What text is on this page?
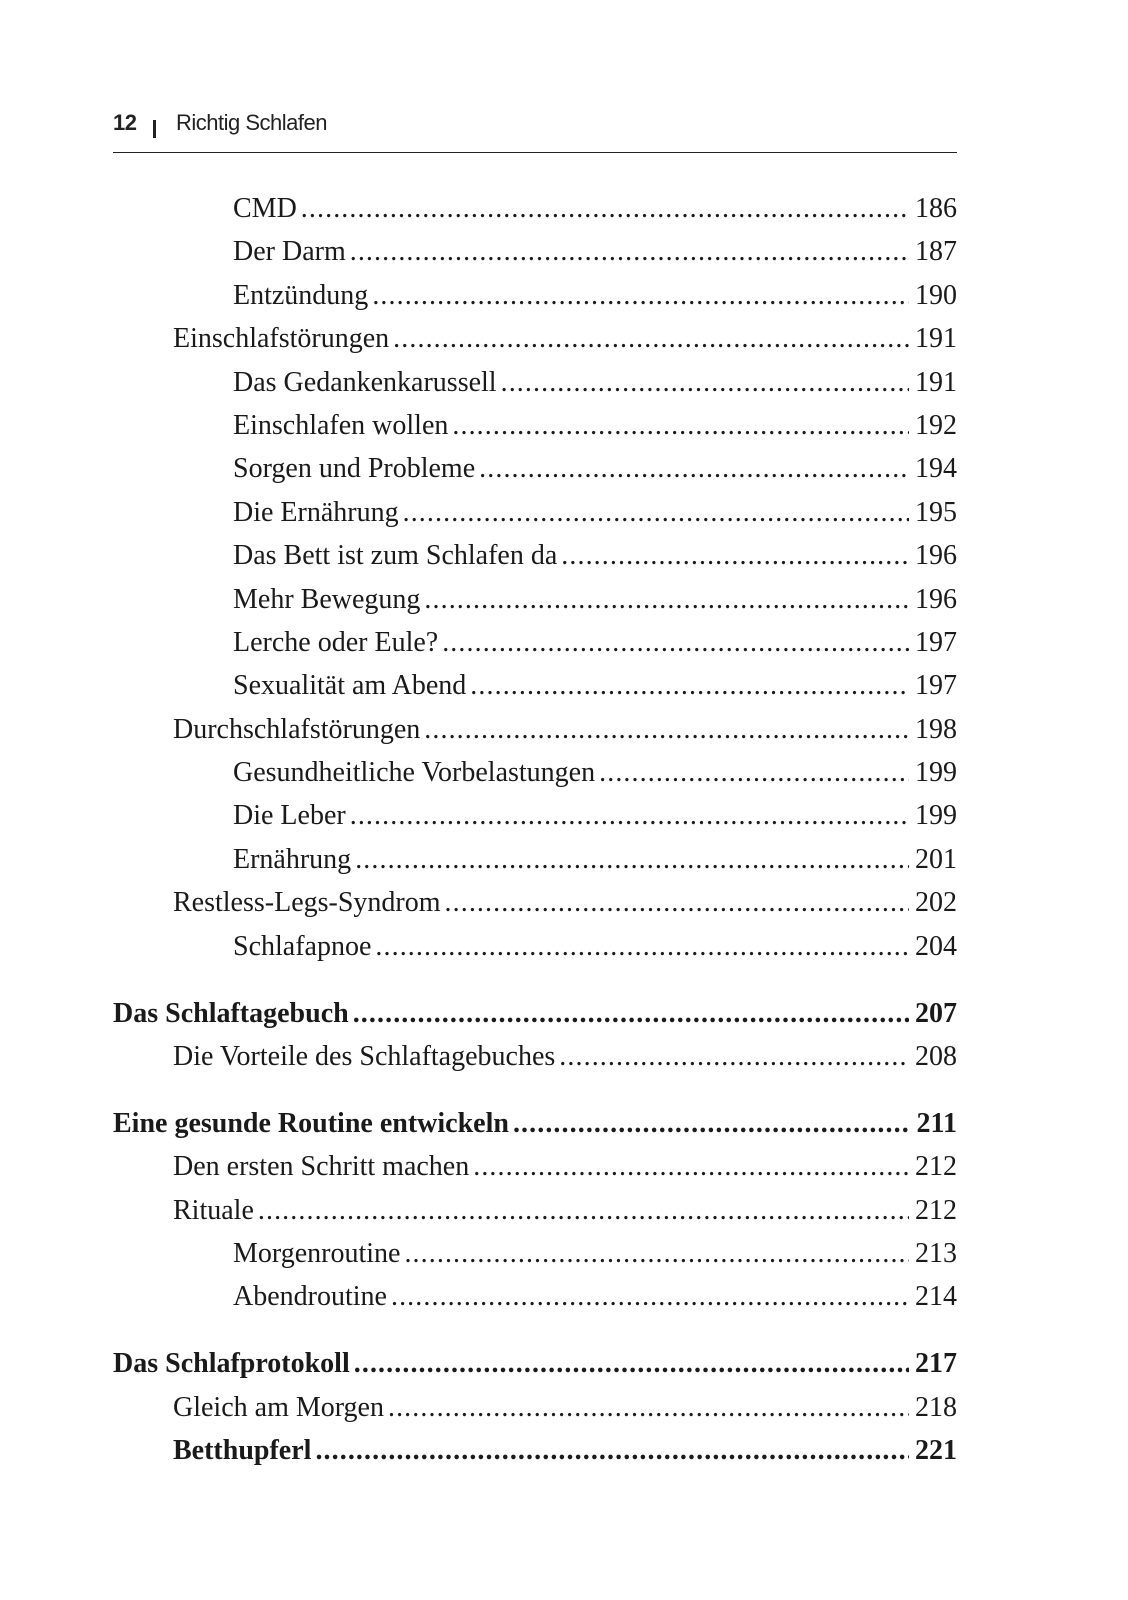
12 Richtig Schlafen
CMD .....	186
Der Darm .....	187
Entzündung .....	190
Einschlafstörungen .....	191
Das Gedankenkarussell .....	191
Einschlafen wollen .....	192
Sorgen und Probleme .....	194
Die Ernährung .....	195
Das Bett ist zum Schlafen da .....	196
Mehr Bewegung .....	196
Lerche oder Eule? .....	197
Sexualität am Abend .....	197
Durchschlafstörungen .....	198
Gesundheitliche Vorbelastungen .....	199
Die Leber .....	199
Ernährung .....	201
Restless-Legs-Syndrom .....	202
Schlafapnoe .....	204
Das Schlaftagebuch .....	207
Die Vorteile des Schlaftagebuches .....	208
Eine gesunde Routine entwickeln .....	211
Den ersten Schritt machen .....	212
Rituale .....	212
Morgenroutine .....	213
Abendroutine .....	214
Das Schlafprotokoll .....	217
Gleich am Morgen .....	218
Betthupferl .....	221
